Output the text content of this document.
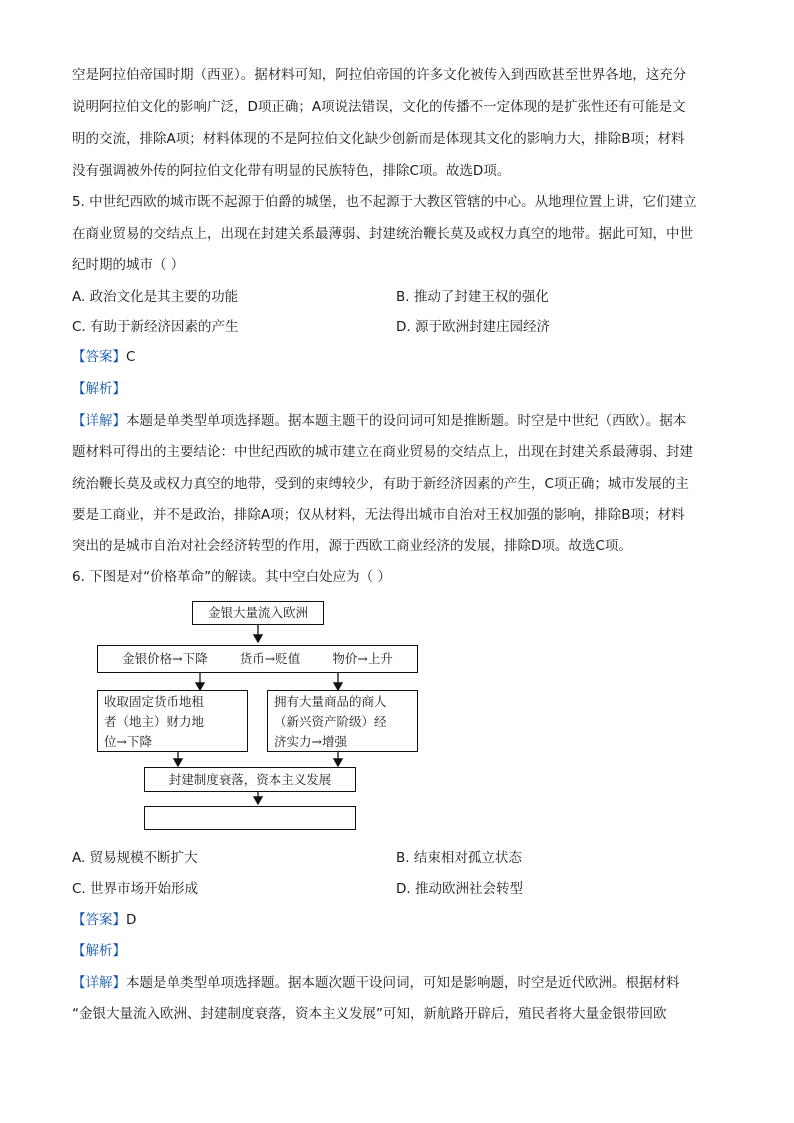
空是阿拉伯帝国时期（西亚）。据材料可知，阿拉伯帝国的许多文化被传入到西欧甚至世界各地，这充分
说明阿拉伯文化的影响广泛，D项正确；A项说法错误，文化的传播不一定体现的是扩张性还有可能是文
明的交流，排除A项；材料体现的不是阿拉伯文化缺少创新而是体现其文化的影响力大，排除B项；材料
没有强调被外传的阿拉伯文化带有明显的民族特色，排除C项。故选D项。
5. 中世纪西欧的城市既不起源于伯爵的城堡，也不起源于大教区管辖的中心。从地理位置上讲，它们建立
在商业贸易的交结点上，出现在封建关系最薄弱、封建统治鞭长莫及或权力真空的地带。据此可知，中世
纪时期的城市（ ）
A. 政治文化是其主要的功能	B. 推动了封建王权的强化
C. 有助于新经济因素的产生	D. 源于欧洲封建庄园经济
【答案】C
【解析】
【详解】本题是单类型单项选择题。据本题主题干的设问词可知是推断题。时空是中世纪（西欧）。据本
题材料可得出的主要结论：中世纪西欧的城市建立在商业贸易的交结点上，出现在封建关系最薄弱、封建
统治鞭长莫及或权力真空的地带，受到的束缚较少，有助于新经济因素的产生，C项正确；城市发展的主
要是工商业，并不是政治，排除A项；仅从材料，无法得出城市自治对王权加强的影响，排除B项；材料
突出的是城市自治对社会经济转型的作用，源于西欧工商业经济的发展，排除D项。故选C项。
6. 下图是对“价格革命”的解读。其中空白处应为（ ）
金银大量流入欧洲
金银价格→下降	货币→贬值	物价→上升
收取固定货币地租
者（地主）财力地
位→下降
拥有大量商品的商人
（新兴资产阶级）经
济实力→增强
封建制度衰落，资本主义发展
A. 贸易规模不断扩大	B. 结束相对孤立状态
C. 世界市场开始形成	D. 推动欧洲社会转型
【答案】D
【解析】
【详解】本题是单类型单项选择题。据本题次题干设问词，可知是影响题，时空是近代欧洲。根据材料
“金银大量流入欧洲、封建制度衰落，资本主义发展”可知，新航路开辟后，殖民者将大量金银带回欧
